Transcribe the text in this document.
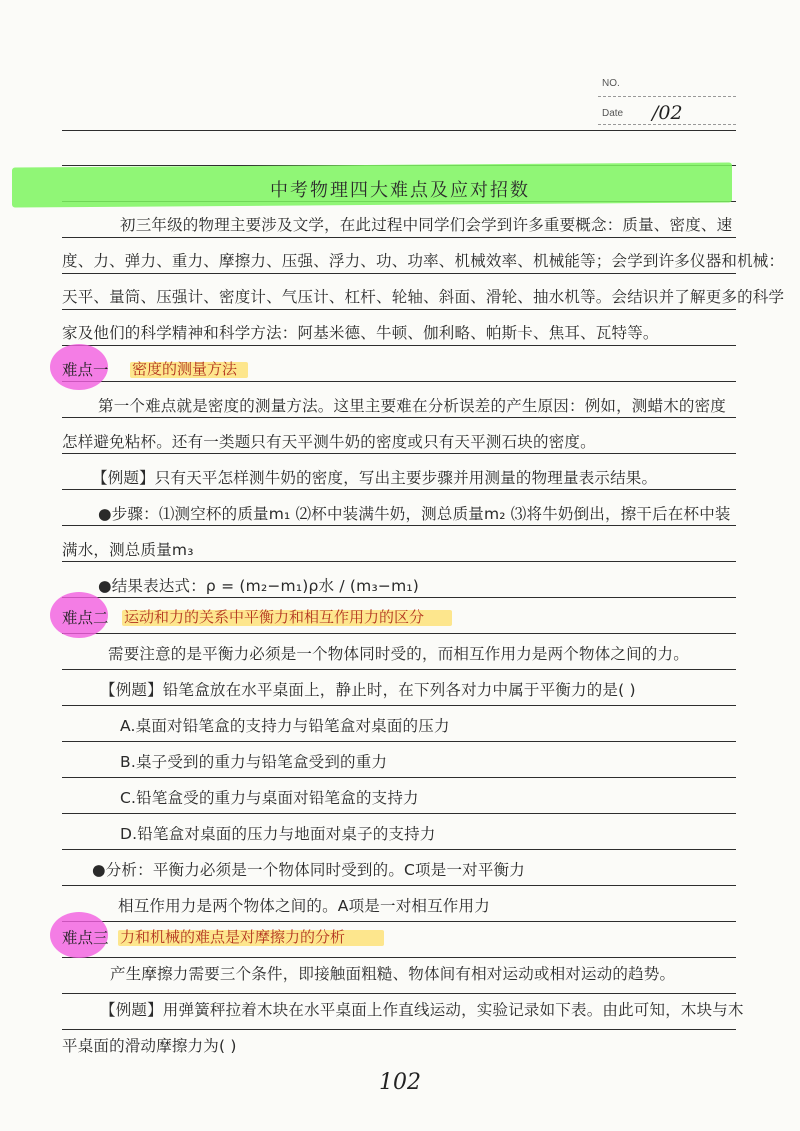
NO.
Date /02
中考物理四大难点及应对招数
初三年级的物理主要涉及文学，在此过程中同学们会学到许多重要概念：质量、密度、速
度、力、弹力、重力、摩擦力、压强、浮力、功、功率、机械效率、机械能等；会学到许多仪器和机械：
天平、量筒、压强计、密度计、气压计、杠杆、轮轴、斜面、滑轮、抽水机等。会结识并了解更多的科学
家及他们的科学精神和科学方法：阿基米德、牛顿、伽利略、帕斯卡、焦耳、瓦特等。
难点一 密度的测量方法
第一个难点就是密度的测量方法。这里主要难在分析误差的产生原因：例如，测蜡木的密度
怎样避免粘杯。还有一类题只有天平测牛奶的密度或只有天平测石块的密度。
【例题】只有天平怎样测牛奶的密度，写出主要步骤并用测量的物理量表示结果。
●步骤：⑴测空杯的质量m₁ ⑵杯中装满牛奶，测总质量m₂ ⑶将牛奶倒出，擦干后在杯中装
满水，测总质量m₃
●结果表达式：ρ = (m₂−m₁)ρ水 / (m₃−m₁)
难点二 运动和力的关系中平衡力和相互作用力的区分
需要注意的是平衡力必须是一个物体同时受的，而相互作用力是两个物体之间的力。
【例题】铅笔盒放在水平桌面上，静止时，在下列各对力中属于平衡力的是( )
A.桌面对铅笔盒的支持力与铅笔盒对桌面的压力
B.桌子受到的重力与铅笔盒受到的重力
C.铅笔盒受的重力与桌面对铅笔盒的支持力
D.铅笔盒对桌面的压力与地面对桌子的支持力
●分析：平衡力必须是一个物体同时受到的。C项是一对平衡力
相互作用力是两个物体之间的。A项是一对相互作用力
难点三 力和机械的难点是对摩擦力的分析
产生摩擦力需要三个条件，即接触面粗糙、物体间有相对运动或相对运动的趋势。
【例题】用弹簧秤拉着木块在水平桌面上作直线运动，实验记录如下表。由此可知，木块与木
平桌面的滑动摩擦力为( )
102
